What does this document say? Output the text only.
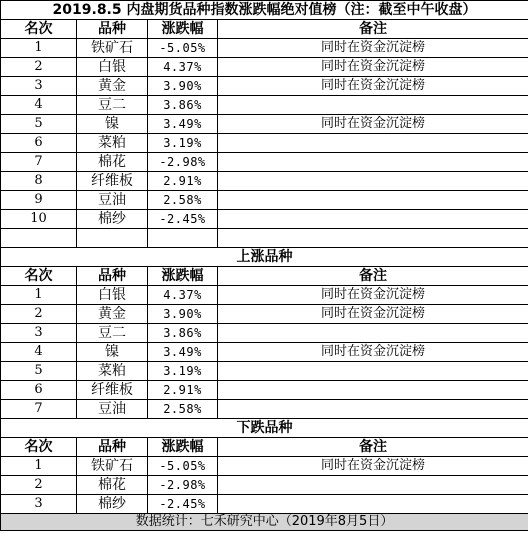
2019.8.5 内盘期货品种指数涨跌幅绝对值榜（注：截至中午收盘）			
名次	品种	涨跌幅	备注
1	铁矿石	-5.05%	同时在资金沉淀榜
2	白银	4.37%	同时在资金沉淀榜
3	黄金	3.90%	同时在资金沉淀榜
4	豆二	3.86%	
5	镍	3.49%	同时在资金沉淀榜
6	菜粕	3.19%	
7	棉花	-2.98%	
8	纤维板	2.91%	
9	豆油	2.58%	
10	棉纱	-2.45%	

上涨品种			
名次	品种	涨跌幅	备注
1	白银	4.37%	同时在资金沉淀榜
2	黄金	3.90%	同时在资金沉淀榜
3	豆二	3.86%	
4	镍	3.49%	同时在资金沉淀榜
5	菜粕	3.19%	
6	纤维板	2.91%	
7	豆油	2.58%	
下跌品种			
名次	品种	涨跌幅	备注
1	铁矿石	-5.05%	同时在资金沉淀榜
2	棉花	-2.98%	
3	棉纱	-2.45%	
数据统计：七禾研究中心（2019年8月5日）			
